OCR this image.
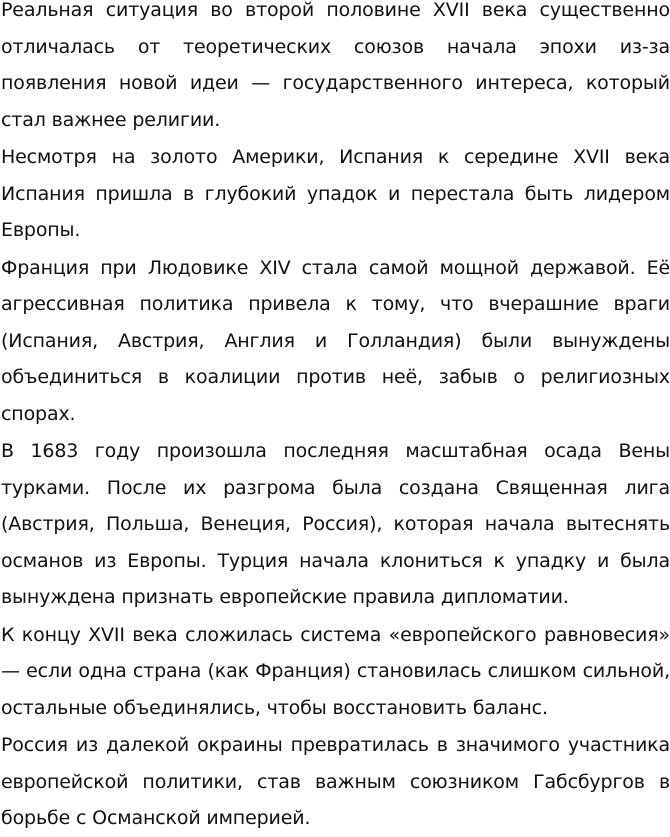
Реальная ситуация во второй половине XVII века существенно отличалась от теоретических союзов начала эпохи из-за появления новой идеи — государственного интереса, который стал важнее религии.

Несмотря на золото Америки, Испания к середине XVII века Испания пришла в глубокий упадок и перестала быть лидером Европы.

Франция при Людовике XIV стала самой мощной державой. Её агрессивная политика привела к тому, что вчерашние враги (Испания, Австрия, Англия и Голландия) были вынуждены объединиться в коалиции против неё, забыв о религиозных спорах.

В 1683 году произошла последняя масштабная осада Вены турками. После их разгрома была создана Священная лига (Австрия, Польша, Венеция, Россия), которая начала вытеснять османов из Европы. Турция начала клониться к упадку и была вынуждена признать европейские правила дипломатии.

К концу XVII века сложилась система «европейского равновесия» — если одна страна (как Франция) становилась слишком сильной, остальные объединялись, чтобы восстановить баланс.

Россия из далекой окраины превратилась в значимого участника европейской политики, став важным союзником Габсбургов в борьбе с Османской империей.
